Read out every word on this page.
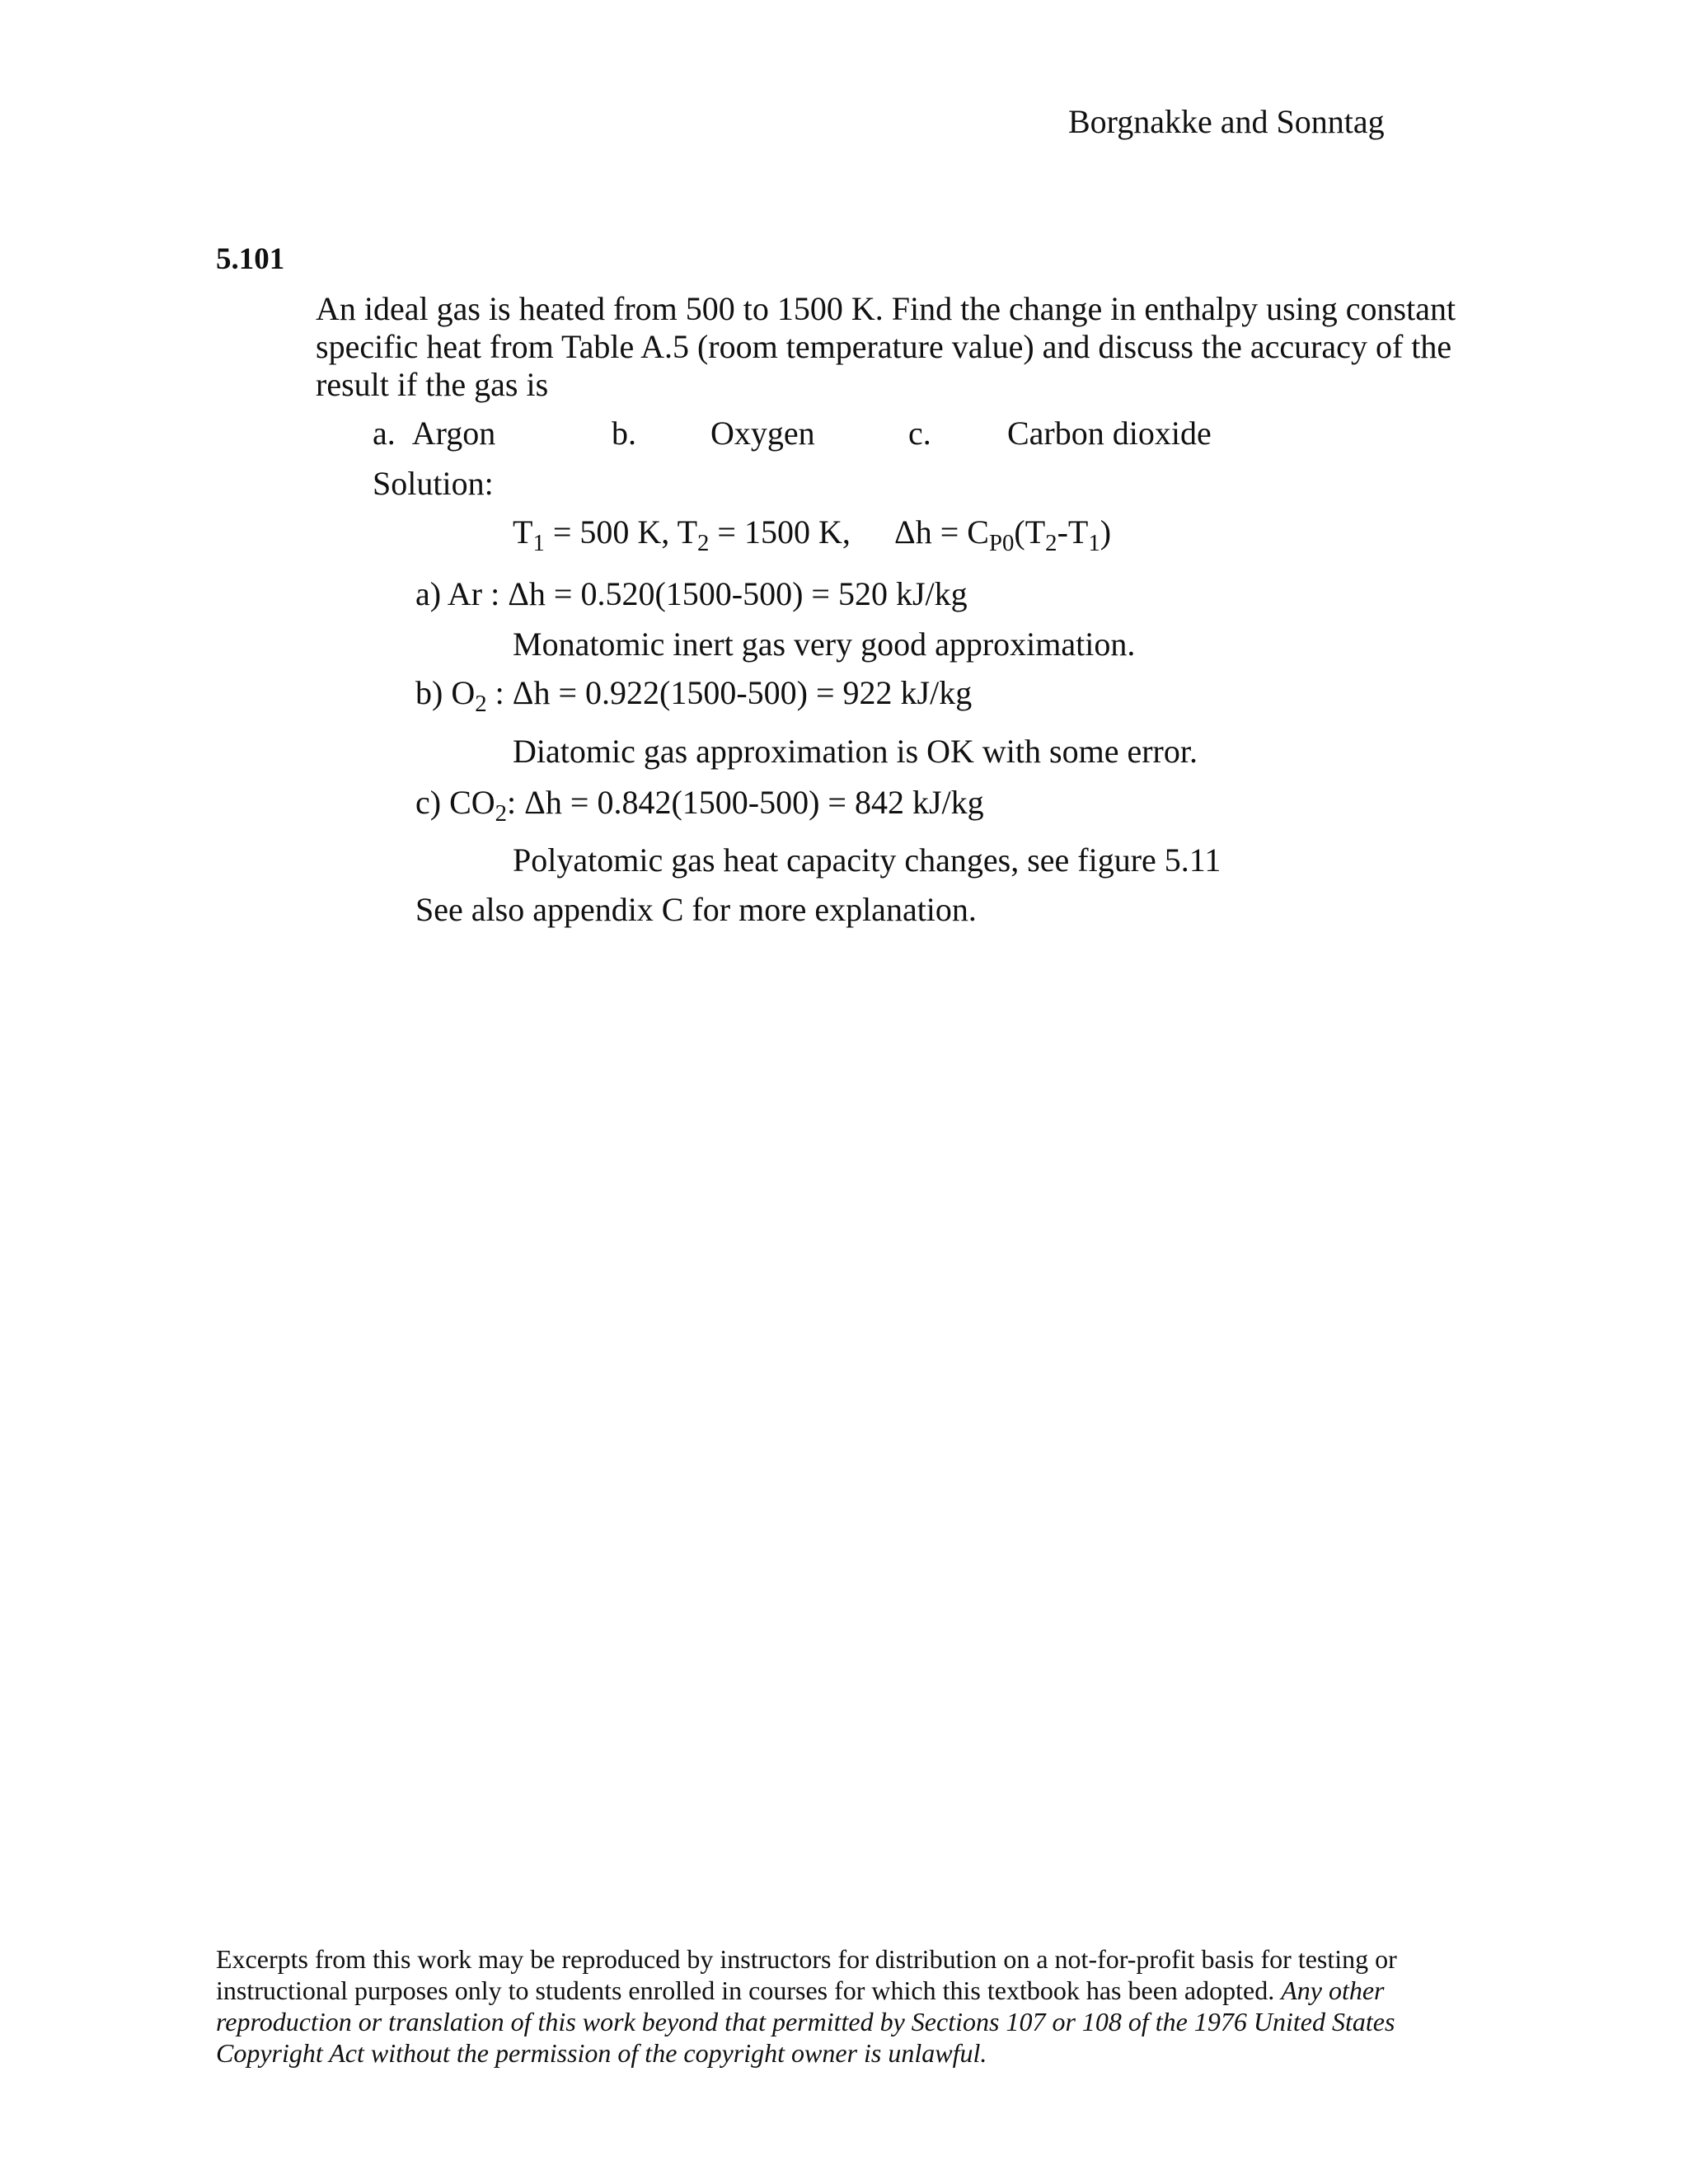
Borgnakke and Sonntag
5.101

An ideal gas is heated from 500 to 1500 K. Find the change in enthalpy using constant specific heat from Table A.5 (room temperature value) and discuss the accuracy of the result if the gas is

a. Argon	b. Oxygen	c. Carbon dioxide
Solution:
$T_1 = 500$ K, $T_2 = 1500$ K, $\Delta h = C_{P0}(T_2-T_1)$
a) Ar : Δh = 0.520(1500-500) = 520 kJ/kg
Monatomic inert gas very good approximation.
b) $O_2$ : Δh = 0.922(1500-500) = 922 kJ/kg
Diatomic gas approximation is OK with some error.
c) $CO_2$: Δh = 0.842(1500-500) = 842 kJ/kg
Polyatomic gas heat capacity changes, see figure 5.11
See also appendix C for more explanation.
Excerpts from this work may be reproduced by instructors for distribution on a not-for-profit basis for testing or instructional purposes only to students enrolled in courses for which this textbook has been adopted. Any other reproduction or translation of this work beyond that permitted by Sections 107 or 108 of the 1976 United States Copyright Act without the permission of the copyright owner is unlawful.
